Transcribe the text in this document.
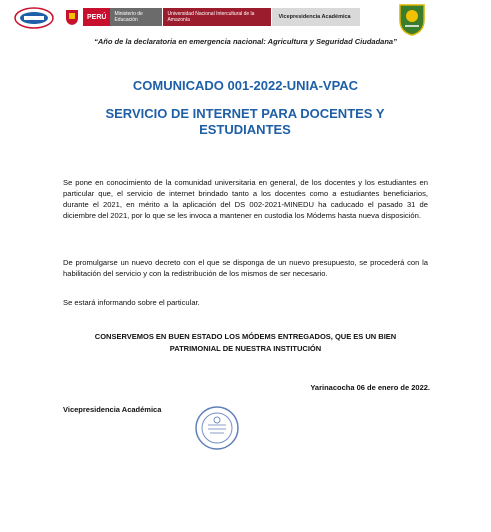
PERÚ	Ministerio de Educación
Universidad Nacional Intercultural de la Amazonía	Vicepresidencia Académica
“Año de la declaratoria en emergencia nacional: Agricultura y Seguridad Ciudadana”
COMUNICADO 001-2022-UNIA-VPAC
SERVICIO DE INTERNET PARA DOCENTES Y ESTUDIANTES

Se pone en conocimiento de la comunidad universitaria en general, de los docentes y los estudiantes en particular que, el servicio de internet brindado tanto a los docentes como a estudiantes beneficiarios, durante el 2021, en mérito a la aplicación del DS 002-2021-MINEDU ha caducado el pasado 31 de diciembre del 2021, por lo que se les invoca a mantener en custodia los Módems hasta nueva disposición.

De promulgarse un nuevo decreto con el que se disponga de un nuevo presupuesto, se procederá con la habilitación del servicio y con la redistribución de los mismos de ser necesario.

Se estará informando sobre el particular.

CONSERVEMOS EN BUEN ESTADO LOS MÓDEMS ENTREGADOS, QUE ES UN BIEN PATRIMONIAL DE NUESTRA INSTITUCIÓN
Yarinacocha 06 de enero de 2022.
Vicepresidencia Académica
